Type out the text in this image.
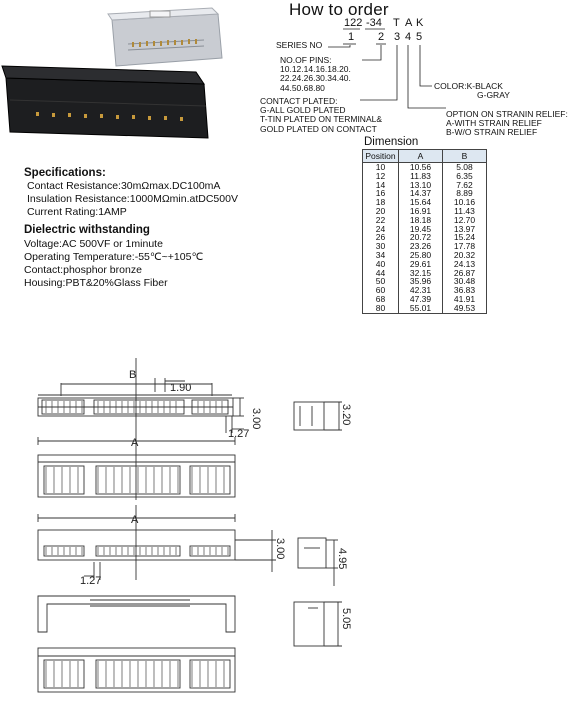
How to order
122 -34 T A K
1 2 3 4 5
SERIES NO
NO.OF PINS:
10.12.14.16.18.20.
22.24.26.30.34.40.
44.50.68.80	COLOR:K-BLACK
G-GRAY
CONTACT PLATED:
G-ALL GOLD PLATED
T-TIN PLATED ON TERMINAL&
GOLD PLATED ON CONTACT
OPTION ON STRANIN RELIEF:
A-WITH STRAIN RELIEF
B-W/O STRAIN RELIEF
Dimension
Position	A	B
10	10.56	5.08
12	11.83	6.35
14	13.10	7.62
16	14.37	8.89
18	15.64	10.16
20	16.91	11.43
22	18.18	12.70
24	19.45	13.97
26	20.72	15.24
30	23.26	17.78
34	25.80	20.32
40	29.61	24.13
44	32.15	26.87
50	35.96	30.48
60	42.31	36.83
68	47.39	41.91
80	55.01	49.53
Specifications:
Contact Resistance:30mΩmax.DC100mA
Insulation Resistance:1000MΩmin.atDC500V
Current Rating:1AMP
Dielectric withstanding
Voltage:AC 500VF or 1minute
Operating Temperature:-55℃~+105℃
Contact:phosphor bronze
Housing:PBT&20%Glass Fiber
B
1.90
1.27
1.27
A
A
3.00	3.20
3.00	4.95
5.05
